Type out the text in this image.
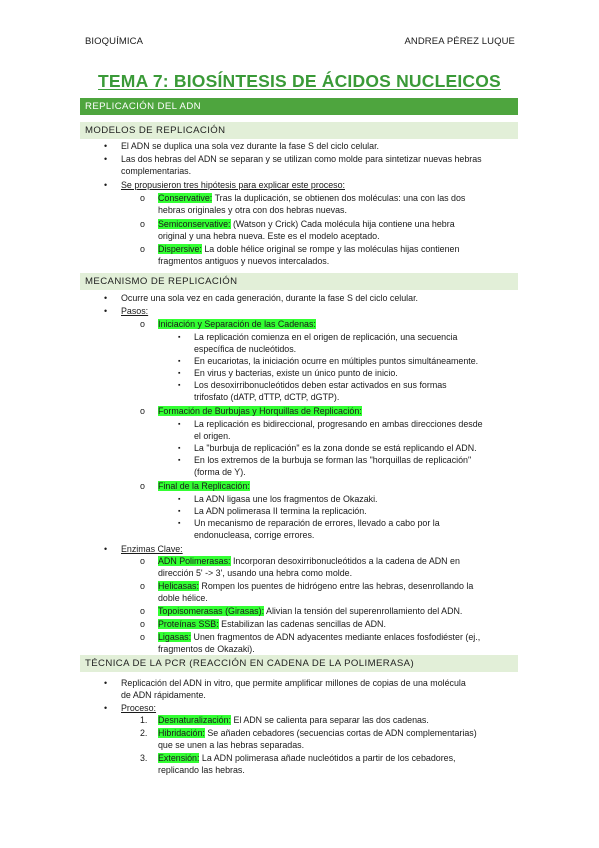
BIOQUÍMICA	ANDREA PÉREZ LUQUE
TEMA 7: BIOSÍNTESIS DE ÁCIDOS NUCLEICOS
REPLICACIÓN DEL ADN
MODELOS DE REPLICACIÓN
MECANISMO DE REPLICACIÓN
TÉCNICA DE LA PCR (REACCIÓN EN CADENA DE LA POLIMERASA)
• El ADN se duplica una sola vez durante la fase S del ciclo celular.
• Las dos hebras del ADN se separan y se utilizan como molde para sintetizar nuevas hebras
complementarias.
• Se propusieron tres hipótesis para explicar este proceso:
o Conservative: Tras la duplicación, se obtienen dos moléculas: una con las dos
hebras originales y otra con dos hebras nuevas.
o Semiconservative: (Watson y Crick) Cada molécula hija contiene una hebra
original y una hebra nueva. Este es el modelo aceptado.
o Dispersive: La doble hélice original se rompe y las moléculas hijas contienen
fragmentos antiguos y nuevos intercalados.
• Ocurre una sola vez en cada generación, durante la fase S del ciclo celular.
• Pasos:
o Iniciación y Separación de las Cadenas:
▪ La replicación comienza en el origen de replicación, una secuencia
específica de nucleótidos.
▪ En eucariotas, la iniciación ocurre en múltiples puntos simultáneamente.
▪ En virus y bacterias, existe un único punto de inicio.
▪ Los desoxirribonucleótidos deben estar activados en sus formas
trifosfato (dATP, dTTP, dCTP, dGTP).
o Formación de Burbujas y Horquillas de Replicación:
▪ La replicación es bidireccional, progresando en ambas direcciones desde
el origen.
▪ La "burbuja de replicación" es la zona donde se está replicando el ADN.
▪ En los extremos de la burbuja se forman las "horquillas de replicación"
(forma de Y).
o Final de la Replicación:
▪ La ADN ligasa une los fragmentos de Okazaki.
▪ La ADN polimerasa II termina la replicación.
▪ Un mecanismo de reparación de errores, llevado a cabo por la
endonucleasa, corrige errores.
• Enzimas Clave:
o ADN Polimerasas: Incorporan desoxirribonucleótidos a la cadena de ADN en
dirección 5' -> 3', usando una hebra como molde.
o Helicasas: Rompen los puentes de hidrógeno entre las hebras, desenrollando la
doble hélice.
o Topoisomerasas (Girasas): Alivian la tensión del superenrollamiento del ADN.
o Proteínas SSB: Estabilizan las cadenas sencillas de ADN.
o Ligasas: Unen fragmentos de ADN adyacentes mediante enlaces fosfodiéster (ej.,
fragmentos de Okazaki).
• Replicación del ADN in vitro, que permite amplificar millones de copias de una molécula
de ADN rápidamente.
• Proceso:
1. Desnaturalización: El ADN se calienta para separar las dos cadenas.
2. Hibridación: Se añaden cebadores (secuencias cortas de ADN complementarias)
que se unen a las hebras separadas.
3. Extensión: La ADN polimerasa añade nucleótidos a partir de los cebadores,
replicando las hebras.
